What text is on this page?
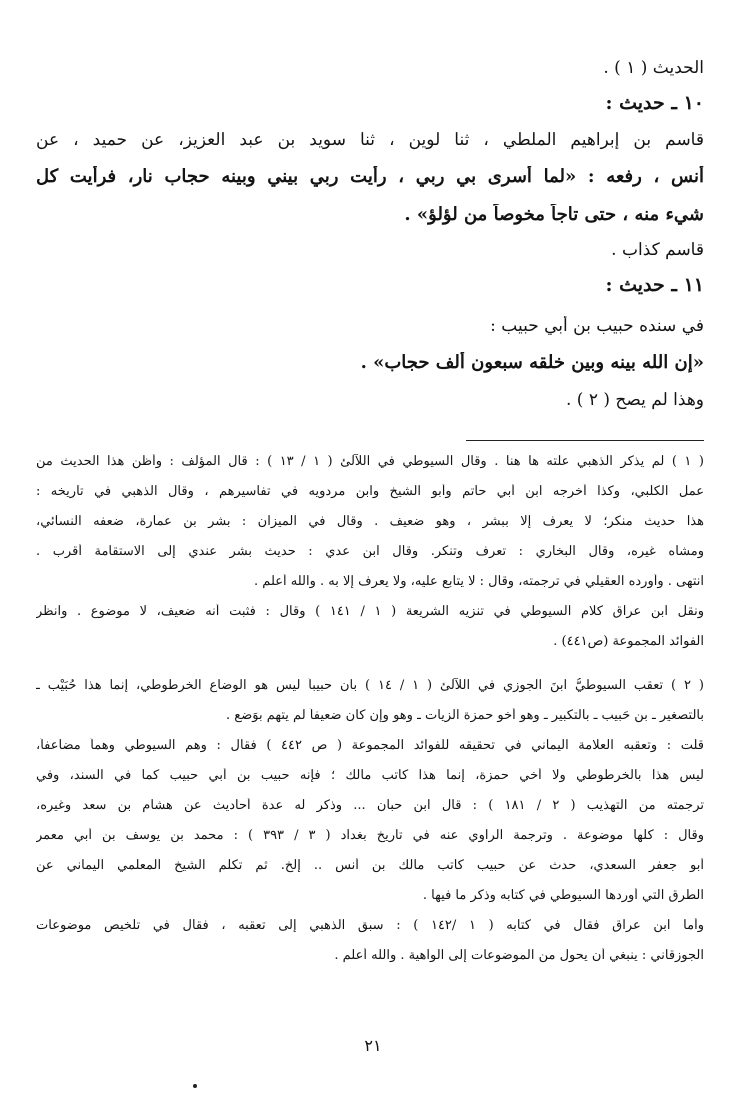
الحديث ( ١ ) .
١٠ ـ حديث :
قاسم بن إبراهيم الملطي ، ثنا لوين ، ثنا سويد بن عبد العزيز، عن حميد ، عن
أنس ، رفعه : «لما أسرى بي ربي ، رأيت ربي بيني وبينه حجاب نار، فرأيت كل
شيء منه ، حتى تاجاً مخوصاً من لؤلؤ» .
قاسم كذاب .
١١ ـ حديث :
في سنده حبيب بن أبي حبيب :
«إن الله بينه وبين خلقه سبعون ألف حجاب» .
وهذا لم يصح ( ٢ ) .
( ١ ) لم يذكر الذهبي علته ها هنا . وقال السيوطي في اللآلئ ( ١ / ١٣ ) : قال المؤلف : وأظن هذا الحديث من
عمل الكلبي، وكذا أخرجه ابن أبي حاتم وأبو الشيخ وابن مردويه في تفاسيرهم ، وقال الذهبي في تاريخه :
هذا حديث منكر؛ لا يعرف إلا ببشر ، وهو ضعيف . وقال في الميزان : بشر بن عمارة، ضعفه النسائي،
ومشاه غيره، وقال البخاري : تعرف وتنكر. وقال ابن عدي : حديث بشر عندي إلى الاستقامة أقرب .
انتهى . وأورده العقيلي في ترجمته، وقال : لا يتابع عليه، ولا يعرف إلا به . والله أعلم .
ونقل ابن عراق كلام السيوطي في تنزيه الشريعة ( ١ / ١٤١ ) وقال : فثبت أنه ضعيف، لا موضوع . وانظر
الفوائد المجموعة (ص٤٤١) .
( ٢ ) تعقب السيوطيُّ ابنَ الجوزي في اللآلئ ( ١ / ١٤ ) بأن حبيباً ليس هو الوضاع الخرطوطي، إنما هذا حُبَيْب ـ
بالتصغير ـ بن حَبيب ـ بالتكبير ـ وهو أخو حمزة الزيات ـ وهو وإن كان ضعيفاً لم يتهم بوَضع .
قلت : وتعقبه العلامة اليماني في تحقيقه للفوائد المجموعة ( ص ٤٤٢ ) فقال : وهم السيوطي وهماً مضاعفاً،
ليس هذا بالخرطوطي ولا أخي حمزة، إنما هذا كاتب مالك ؛ فإنه حبيب بن أبي حبيب كما في السند، وفي
ترجمته من التهذيب ( ٢ / ١٨١ ) : قال ابن حبان ... وذكر له عدة أحاديث عن هشام بن سعد وغيره،
وقال : كلها موضوعة . وترجمة الراوي عنه في تاريخ بغداد ( ٣ / ٣٩٣ ) : محمد بن يوسف بن أبي معمر
أبو جعفر السعدي، حدث عن حبيب كاتب مالك بن أنس .. إلخ. ثم تكلم الشيخ المعلمي اليماني عن
الطرق التي أوردها السيوطي في كتابه وذكر ما فيها .
وأما ابن عراق فقال في كتابه ( ١ /١٤٢ ) : سبق الذهبي إلى تعقبه ، فقال في تلخيص موضوعات
الجوزقاني : ينبغي أن يحول من الموضوعات إلى الواهية . والله أعلم .
٢١
